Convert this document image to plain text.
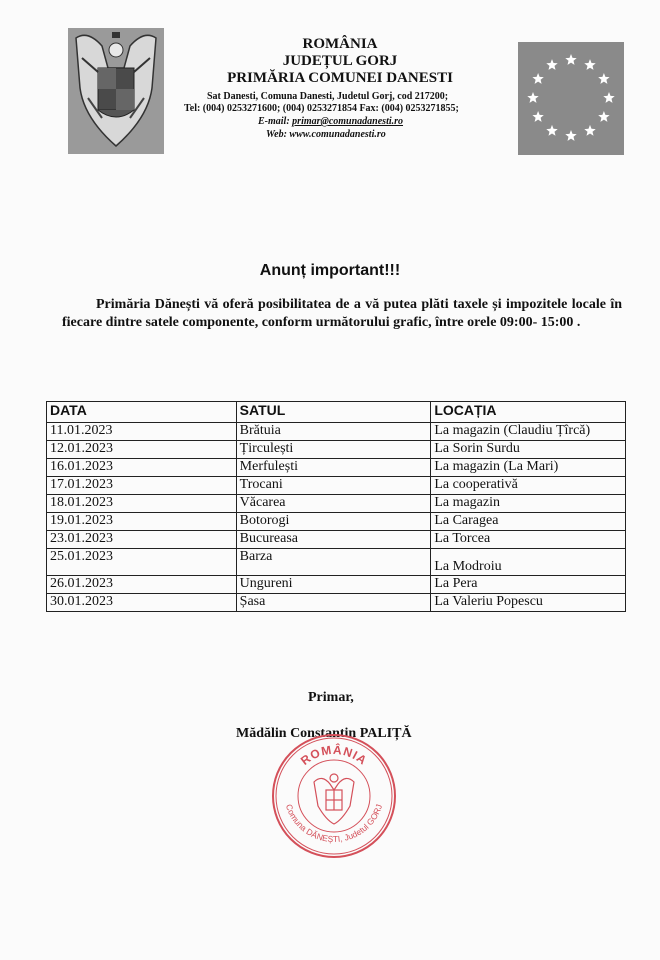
ROMÂNIA
JUDEȚUL GORJ
PRIMĂRIA COMUNEI DANESTI
Sat Danesti, Comuna Danesti, Judetul Gorj, cod 217200;
Tel: (004) 0253271600; (004) 0253271854 Fax: (004) 0253271855;
E-mail: primar@comunadanesti.ro
Web: www.comunadanesti.ro
Anunț important!!!
Primăria Dănești vă oferă posibilitatea de a vă putea plăti taxele și impozitele locale în fiecare dintre satele componente, conform următorului grafic, între orele 09:00- 15:00 .
DATA	SATUL	LOCAȚIA
11.01.2023	Brătuia	La magazin (Claudiu Țîrcă)
12.01.2023	Țirculești	La Sorin Surdu
16.01.2023	Merfulești	La magazin (La Mari)
17.01.2023	Trocani	La cooperativă
18.01.2023	Văcarea	La magazin
19.01.2023	Botorogi	La Caragea
23.01.2023	Bucureasa	La Torcea
25.01.2023	Barza	La Modroiu
26.01.2023	Ungureni	La Pera
30.01.2023	Șasa	La Valeriu Popescu
Primar,
Mădălin Constantin PALIȚĂ
ROMÂNIA
Comuna DĂNEȘTI, Judetul GORJ
